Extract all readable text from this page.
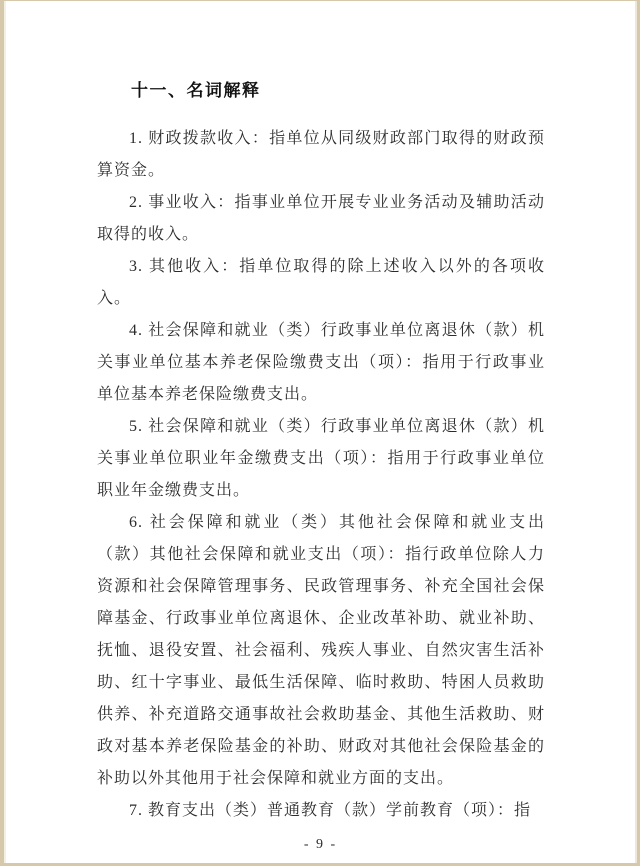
十一、名词解释

1. 财政拨款收入：指单位从同级财政部门取得的财政预算资金。

2. 事业收入：指事业单位开展专业业务活动及辅助活动取得的收入。

3. 其他收入：指单位取得的除上述收入以外的各项收入。

4. 社会保障和就业（类）行政事业单位离退休（款）机关事业单位基本养老保险缴费支出（项）：指用于行政事业单位基本养老保险缴费支出。

5. 社会保障和就业（类）行政事业单位离退休（款）机关事业单位职业年金缴费支出（项）：指用于行政事业单位职业年金缴费支出。

6. 社会保障和就业（类）其他社会保障和就业支出（款）其他社会保障和就业支出（项）：指行政单位除人力资源和社会保障管理事务、民政管理事务、补充全国社会保障基金、行政事业单位离退休、企业改革补助、就业补助、抚恤、退役安置、社会福利、残疾人事业、自然灾害生活补助、红十字事业、最低生活保障、临时救助、特困人员救助供养、补充道路交通事故社会救助基金、其他生活救助、财政对基本养老保险基金的补助、财政对其他社会保险基金的补助以外其他用于社会保障和就业方面的支出。

7. 教育支出（类）普通教育（款）学前教育（项）：指

- 9 -
